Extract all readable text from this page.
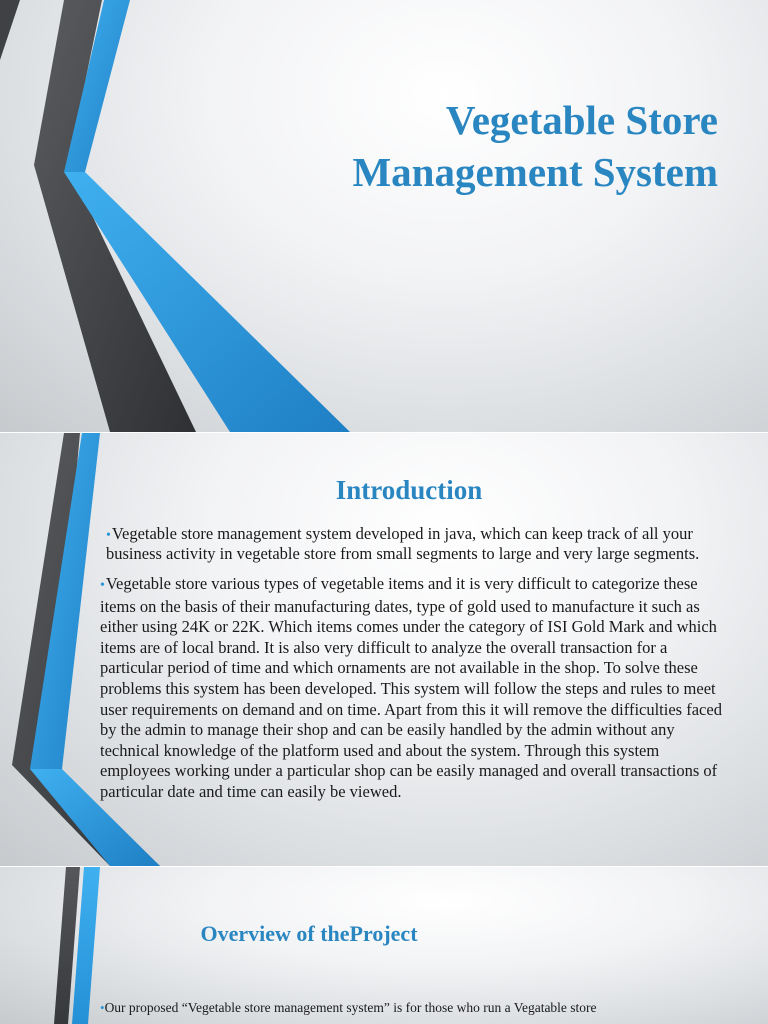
Vegetable Store
Management System
Introduction
•Vegetable store management system developed in java, which can keep track of all your business activity in vegetable store from small segments to large and very large segments.
•Vegetable store various types of vegetable items and it is very difficult to categorize these items on the basis of their manufacturing dates, type of gold used to manufacture it such as either using 24K or 22K. Which items comes under the category of ISI Gold Mark and which items are of local brand. It is also very difficult to analyze the overall transaction for a particular period of time and which ornaments are not available in the shop. To solve these problems this system has been developed. This system will follow the steps and rules to meet user requirements on demand and on time. Apart from this it will remove the difficulties faced by the admin to manage their shop and can be easily handled by the admin without any technical knowledge of the platform used and about the system. Through this system employees working under a particular shop can be easily managed and overall transactions of particular date and time can easily be viewed.
Overview of theProject
•Our proposed “Vegetable store management system” is for those who run a Vegatable store
